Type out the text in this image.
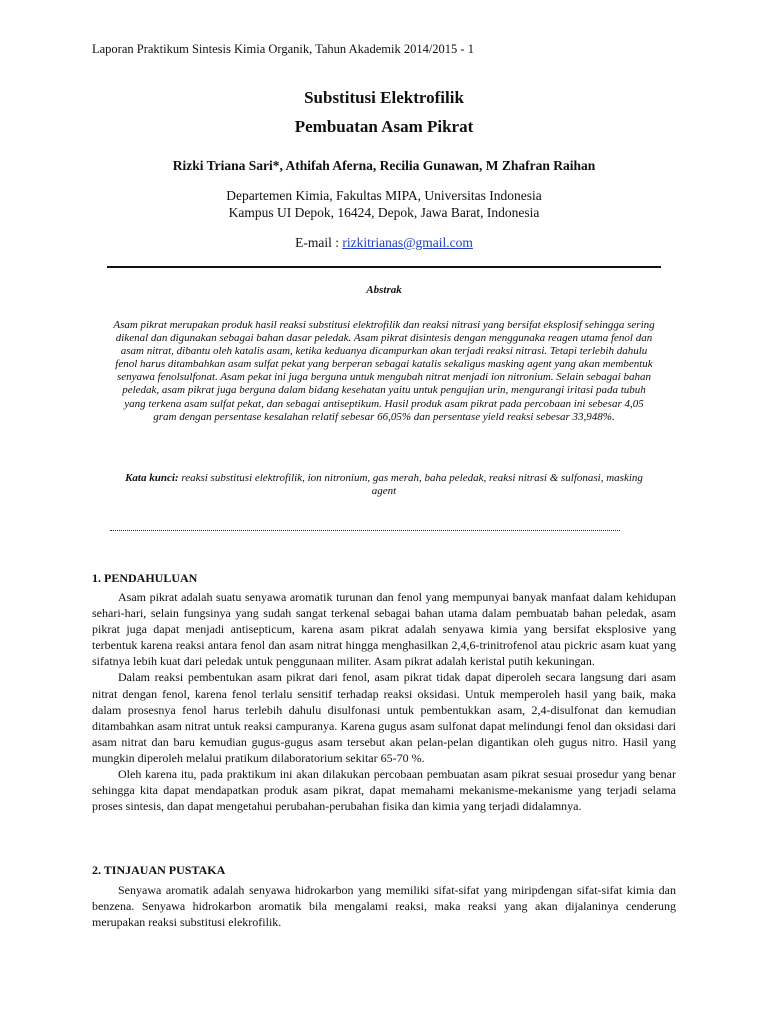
Laporan Praktikum Sintesis Kimia Organik, Tahun Akademik 2014/2015 - 1
Substitusi Elektrofilik
Pembuatan Asam Pikrat
Rizki Triana Sari*, Athifah Aferna, Recilia Gunawan, M Zhafran Raihan
Departemen Kimia, Fakultas MIPA, Universitas Indonesia
Kampus UI Depok, 16424, Depok, Jawa Barat, Indonesia
E-mail : rizkitrianas@gmail.com
Abstrak
Asam pikrat merupakan produk hasil reaksi substitusi elektrofilik dan reaksi nitrasi yang bersifat eksplosif sehingga sering dikenal dan digunakan sebagai bahan dasar peledak. Asam pikrat disintesis dengan menggunaka reagen utama fenol dan asam nitrat, dibantu oleh katalis asam, ketika keduanya dicampurkan akan terjadi reaksi nitrasi. Tetapi terlebih dahulu fenol harus ditambahkan asam sulfat pekat yang berperan sebagai katalis sekaligus masking agent yang akan membentuk senyawa fenolsulfonat. Asam pekat ini juga berguna untuk mengubah nitrat menjadi ion nitronium. Selain sebagai bahan peledak, asam pikrat juga berguna dalam bidang kesehatan yaitu untuk pengujian urin, mengurangi iritasi pada tubuh yang terkena asam sulfat pekat, dan sebagai antiseptikum. Hasil produk asam pikrat pada percobaan ini sebesar 4,05 gram dengan persentase kesalahan relatif sebesar 66,05% dan persentase yield reaksi sebesar 33,948%.
Kata kunci: reaksi substitusi elektrofilik, ion nitronium, gas merah, baha peledak, reaksi nitrasi & sulfonasi, masking agent
1. PENDAHULUAN

Asam pikrat adalah suatu senyawa aromatik turunan dan fenol yang mempunyai banyak manfaat dalam kehidupan sehari-hari, selain fungsinya yang sudah sangat terkenal sebagai bahan utama dalam pembuatab bahan peledak, asam pikrat juga dapat menjadi antisepticum, karena asam pikrat adalah senyawa kimia yang bersifat eksplosive yang terbentuk karena reaksi antara fenol dan asam nitrat hingga menghasilkan 2,4,6-trinitrofenol atau pickric asam kuat yang sifatnya lebih kuat dari peledak untuk penggunaan militer. Asam pikrat adalah keristal putih kekuningan.

Dalam reaksi pembentukan asam pikrat dari fenol, asam pikrat tidak dapat diperoleh secara langsung dari asam nitrat dengan fenol, karena fenol terlalu sensitif terhadap reaksi oksidasi. Untuk memperoleh hasil yang baik, maka dalam prosesnya fenol harus terlebih dahulu disulfonasi untuk pembentukkan asam, 2,4-disulfonat dan kemudian ditambahkan asam nitrat untuk reaksi campuranya. Karena gugus asam sulfonat dapat melindungi fenol dan oksidasi dari asam nitrat dan baru kemudian gugus-gugus asam tersebut akan pelan-pelan digantikan oleh gugus nitro. Hasil yang mungkin diperoleh melalui pratikum dilaboratorium sekitar 65-70 %.

Oleh karena itu, pada praktikum ini akan dilakukan percobaan pembuatan asam pikrat sesuai prosedur yang benar sehingga kita dapat mendapatkan produk asam pikrat, dapat memahami mekanisme-mekanisme yang terjadi selama proses sintesis, dan dapat mengetahui perubahan-perubahan fisika dan kimia yang terjadi didalamnya.

2. TINJAUAN PUSTAKA

Senyawa aromatik adalah senyawa hidrokarbon yang memiliki sifat-sifat yang miripdengan sifat-sifat kimia dan benzena. Senyawa hidrokarbon aromatik bila mengalami reaksi, maka reaksi yang akan dijalaninya cenderung merupakan reaksi substitusi elekrofilik.
